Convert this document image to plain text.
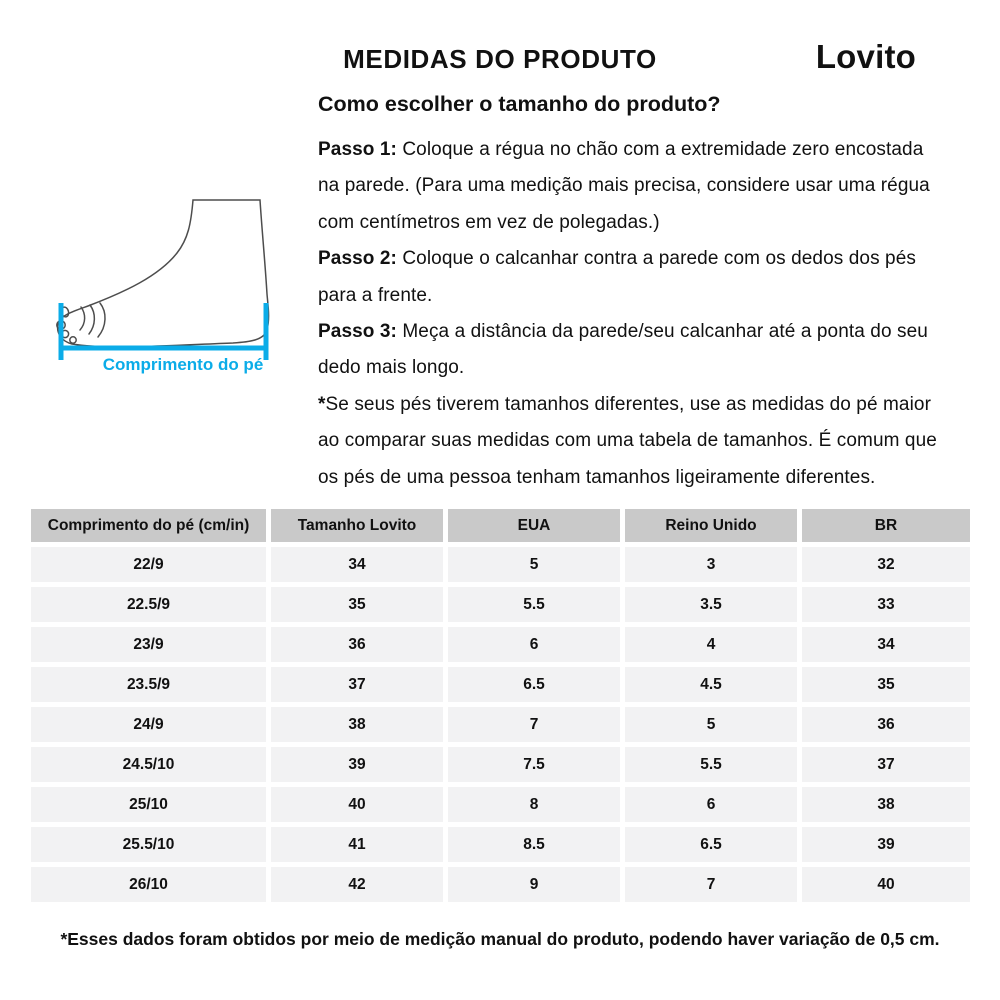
MEDIDAS DO PRODUTO	Lovito
Comprimento do pé
Como escolher o tamanho do produto?

Passo 1: Coloque a régua no chão com a extremidade zero encostada na parede. (Para uma medição mais precisa, considere usar uma régua com centímetros em vez de polegadas.)

Passo 2: Coloque o calcanhar contra a parede com os dedos dos pés para a frente.

Passo 3: Meça a distância da parede/seu calcanhar até a ponta do seu dedo mais longo.

*Se seus pés tiverem tamanhos diferentes, use as medidas do pé maior ao comparar suas medidas com uma tabela de tamanhos. É comum que os pés de uma pessoa tenham tamanhos ligeiramente diferentes.

Comprimento do pé (cm/in)	Tamanho Lovito	EUA	Reino Unido	BR
22/9	34	5	3	32
22.5/9	35	5.5	3.5	33
23/9	36	6	4	34
23.5/9	37	6.5	4.5	35
24/9	38	7	5	36
24.5/10	39	7.5	5.5	37
25/10	40	8	6	38
25.5/10	41	8.5	6.5	39
26/10	42	9	7	40
*Esses dados foram obtidos por meio de medição manual do produto, podendo haver variação de 0,5 cm.
